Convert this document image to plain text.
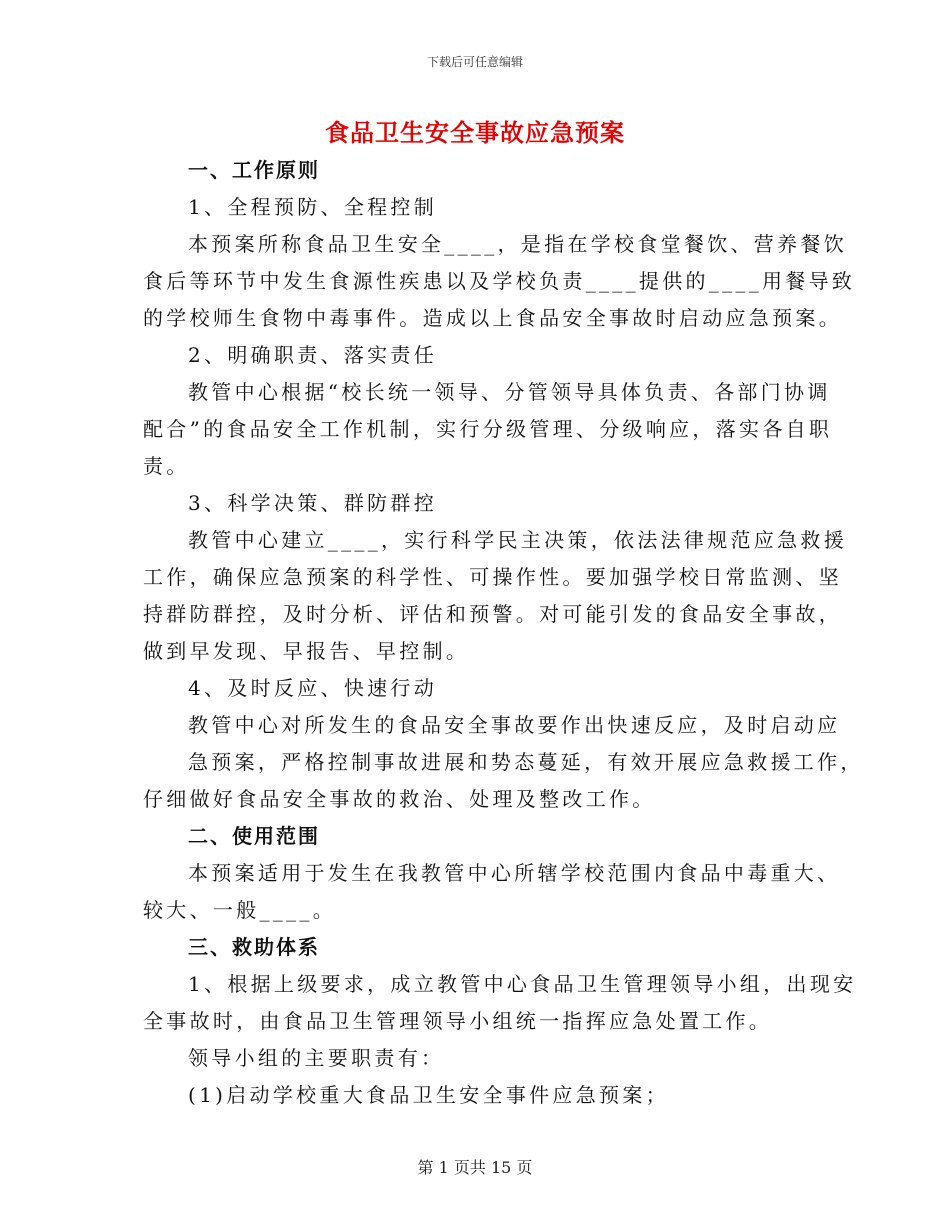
下载后可任意编辑
食品卫生安全事故应急预案
一、工作原则
1、全程预防、全程控制
本预案所称食品卫生安全____，是指在学校食堂餐饮、营养餐饮
食后等环节中发生食源性疾患以及学校负责____提供的____用餐导致
的学校师生食物中毒事件。造成以上食品安全事故时启动应急预案。
2、明确职责、落实责任
教管中心根据“校长统一领导、分管领导具体负责、各部门协调
配合”的食品安全工作机制，实行分级管理、分级响应，落实各自职
责。
3、科学决策、群防群控
教管中心建立____，实行科学民主决策，依法法律规范应急救援
工作，确保应急预案的科学性、可操作性。要加强学校日常监测、坚
持群防群控，及时分析、评估和预警。对可能引发的食品安全事故，
做到早发现、早报告、早控制。
4、及时反应、快速行动
教管中心对所发生的食品安全事故要作出快速反应，及时启动应
急预案，严格控制事故进展和势态蔓延，有效开展应急救援工作，
仔细做好食品安全事故的救治、处理及整改工作。
二、使用范围
本预案适用于发生在我教管中心所辖学校范围内食品中毒重大、
较大、一般____。
三、救助体系
1、根据上级要求，成立教管中心食品卫生管理领导小组，出现安
全事故时，由食品卫生管理领导小组统一指挥应急处置工作。
领导小组的主要职责有：
(1)启动学校重大食品卫生安全事件应急预案；
第 1 页共 15 页
